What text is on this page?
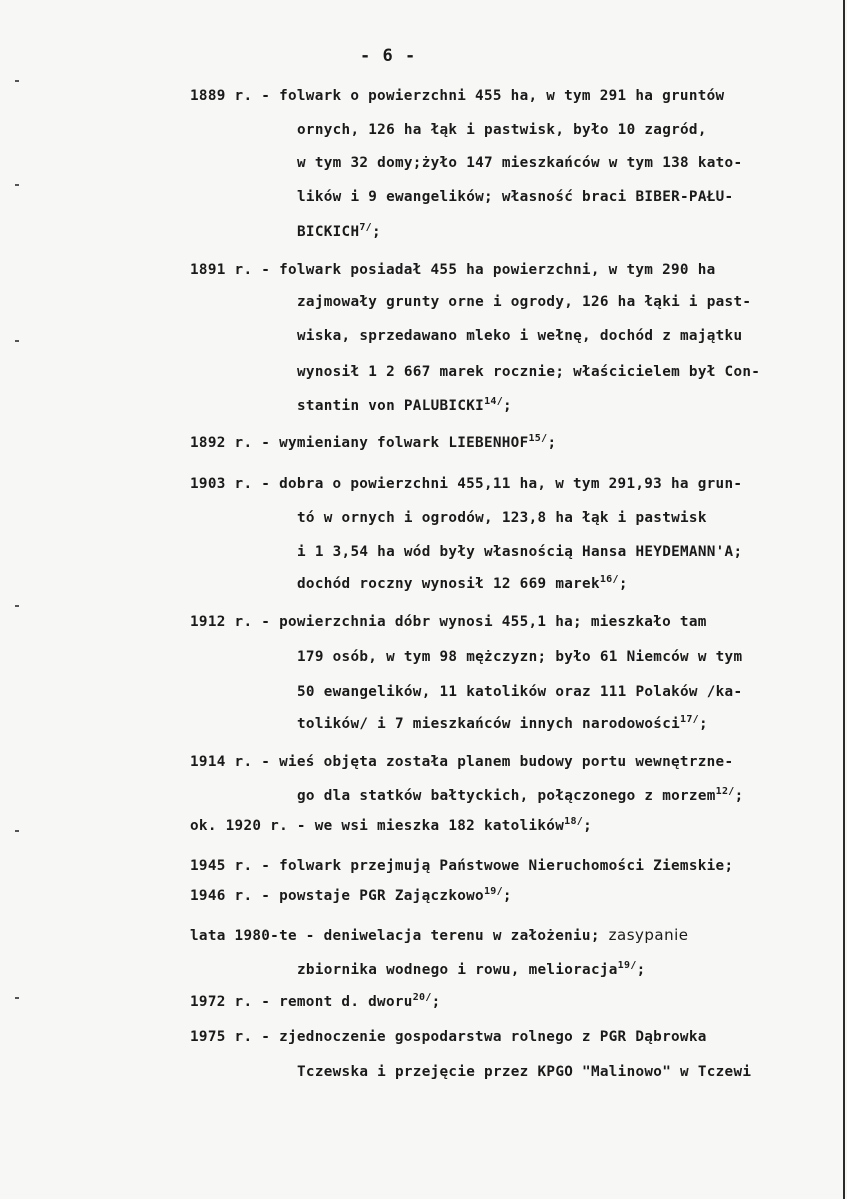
- 6 -
1889 r. - folwark o powierzchni 455 ha, w tym 291 ha gruntów
ornych, 126 ha łąk i pastwisk, było 10 zagród,
w tym 32 domy;żyło 147 mieszkańców w tym 138 kato-
lików i 9 ewangelików; własność braci BIBER-PAŁU-
$BICKICH^{7/}$;
1891 r. - folwark posiadał 455 ha powierzchni, w tym 290 ha
zajmowały grunty orne i ogrody, 126 ha łąki i past-
wiska, sprzedawano mleko i wełnę, dochód z majątku
wynosił 1 2 667 marek rocznie; właścicielem był Con-
stantin von $PALUBICKI^{14/}$;
1892 r. - wymieniany folwark $LIEBENHOF^{15/}$;
1903 r. - dobra o powierzchni 455,11 ha, w tym 291,93 ha grun-
tó w ornych i ogrodów, 123,8 ha łąk i pastwisk
i 1 3,54 ha wód były własnością Hansa HEYDEMANN'A;
dochód roczny wynosił 12 669 marek$^{16/}$;
1912 r. - powierzchnia dóbr wynosi 455,1 ha; mieszkało tam
179 osób, w tym 98 mężczyzn; było 61 Niemców w tym
50 ewangelików, 11 katolików oraz 111 Polaków /ka-
tolików/ i 7 mieszkańców innych narodowości$^{17/}$;
1914 r. - wieś objęta została planem budowy portu wewnętrzne-
go dla statków bałtyckich, połączonego z morzem$^{12/}$;
ok. 1920 r. - we wsi mieszka 182 katolików$^{18/}$;
1945 r. - folwark przejmują Państwowe Nieruchomości Ziemskie;
1946 r. - powstaje PGR Zajączkowo$^{19/}$;
lata 1980-te - deniwelacja terenu w założeniu; zasypanie
zbiornika wodnego i rowu, melioracja$^{19/}$;
1972 r. - remont d. dworu$^{20/}$;
1975 r. - zjednoczenie gospodarstwa rolnego z PGR Dąbrowka
Tczewska i przejęcie przez KPGO "Malinowo" w Tczewi
